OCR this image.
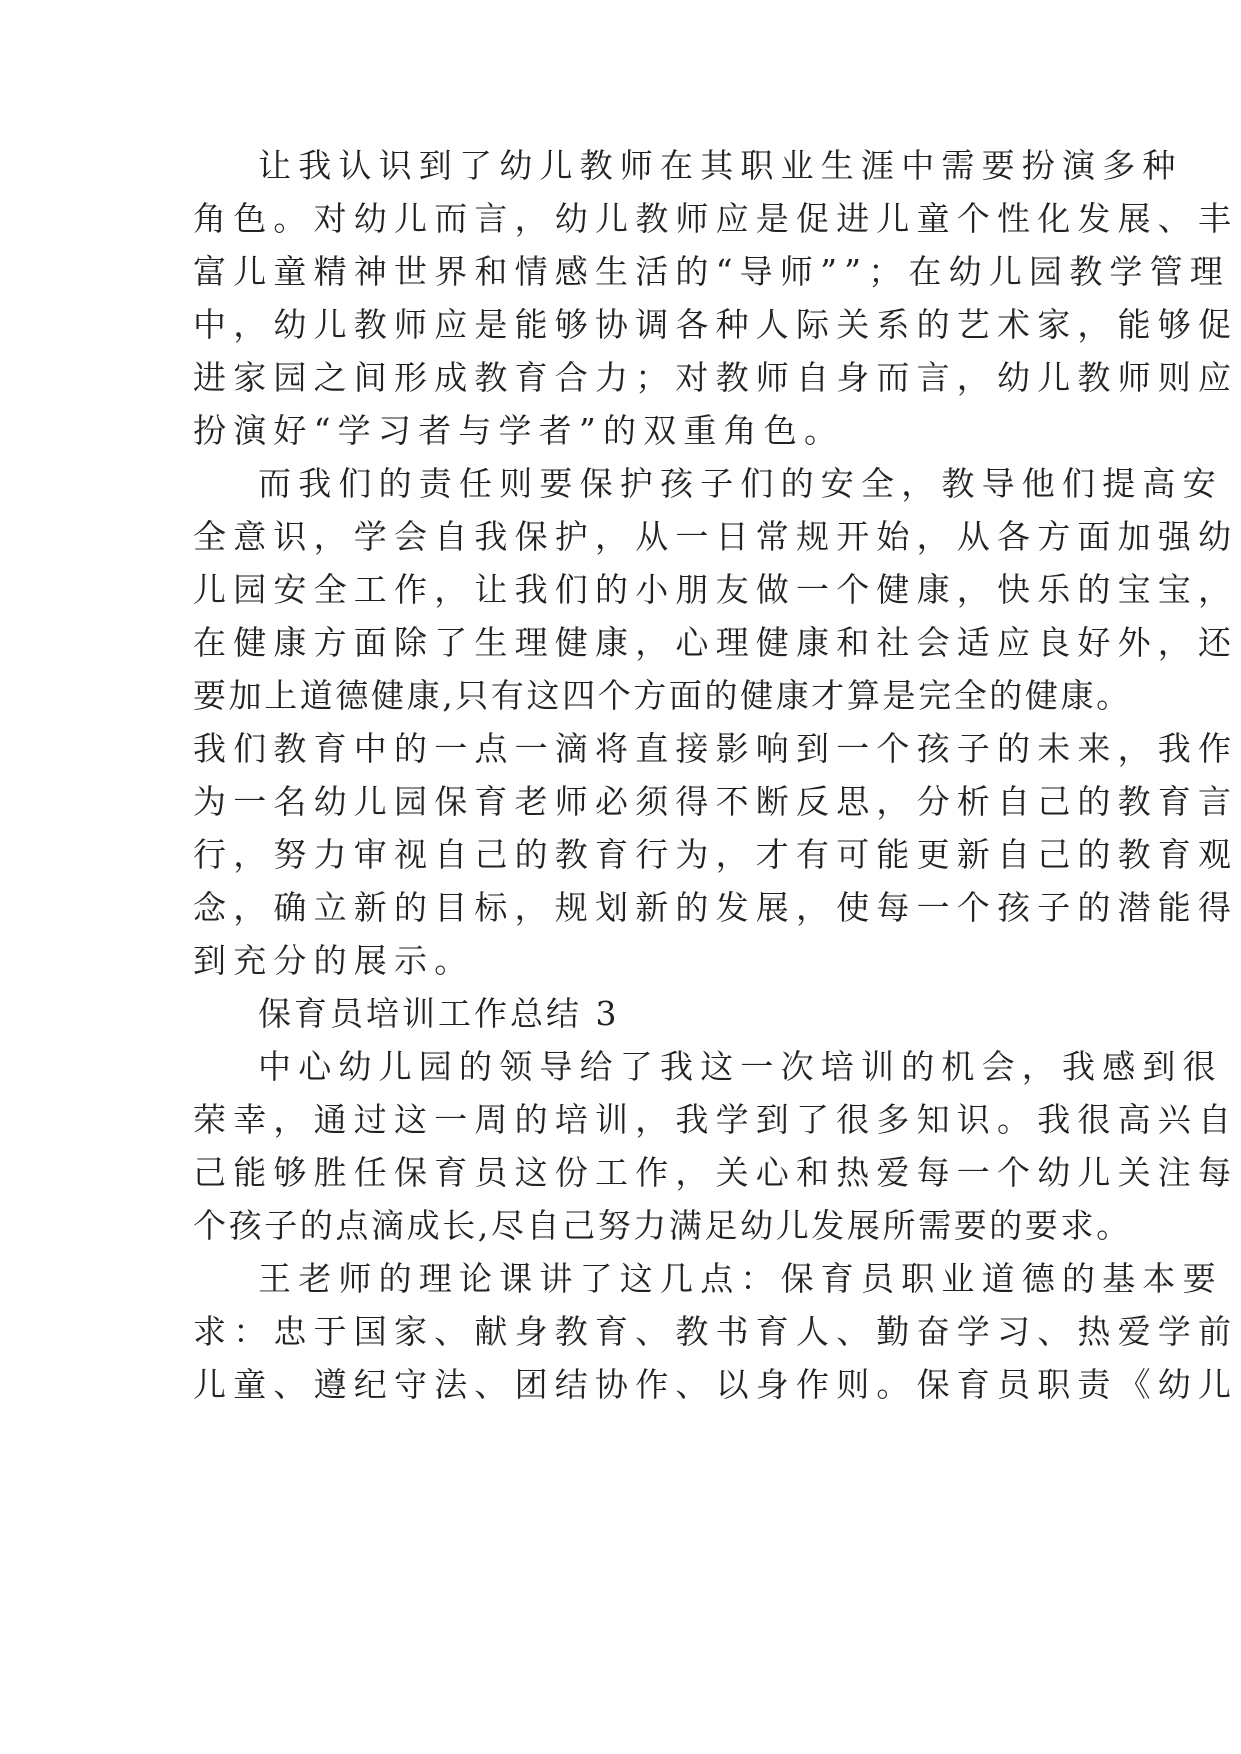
让我认识到了幼儿教师在其职业生涯中需要扮演多种
角色。对幼儿而言，幼儿教师应是促进儿童个性化发展、丰
富儿童精神世界和情感生活的“导师””；在幼儿园教学管理
中，幼儿教师应是能够协调各种人际关系的艺术家，能够促
进家园之间形成教育合力；对教师自身而言，幼儿教师则应
扮演好“学习者与学者”的双重角色。
而我们的责任则要保护孩子们的安全，教导他们提高安
全意识，学会自我保护，从一日常规开始，从各方面加强幼
儿园安全工作，让我们的小朋友做一个健康，快乐的宝宝，
在健康方面除了生理健康，心理健康和社会适应良好外，还
要加上道德健康,只有这四个方面的健康才算是完全的健康。
我们教育中的一点一滴将直接影响到一个孩子的未来，我作
为一名幼儿园保育老师必须得不断反思，分析自己的教育言
行，努力审视自己的教育行为，才有可能更新自己的教育观
念，确立新的目标，规划新的发展，使每一个孩子的潜能得
到充分的展示。
保育员培训工作总结 3
中心幼儿园的领导给了我这一次培训的机会，我感到很
荣幸，通过这一周的培训，我学到了很多知识。我很高兴自
己能够胜任保育员这份工作，关心和热爱每一个幼儿关注每
个孩子的点滴成长,尽自己努力满足幼儿发展所需要的要求。
王老师的理论课讲了这几点：保育员职业道德的基本要
求：忠于国家、献身教育、教书育人、勤奋学习、热爱学前
儿童、遵纪守法、团结协作、以身作则。保育员职责《幼儿
